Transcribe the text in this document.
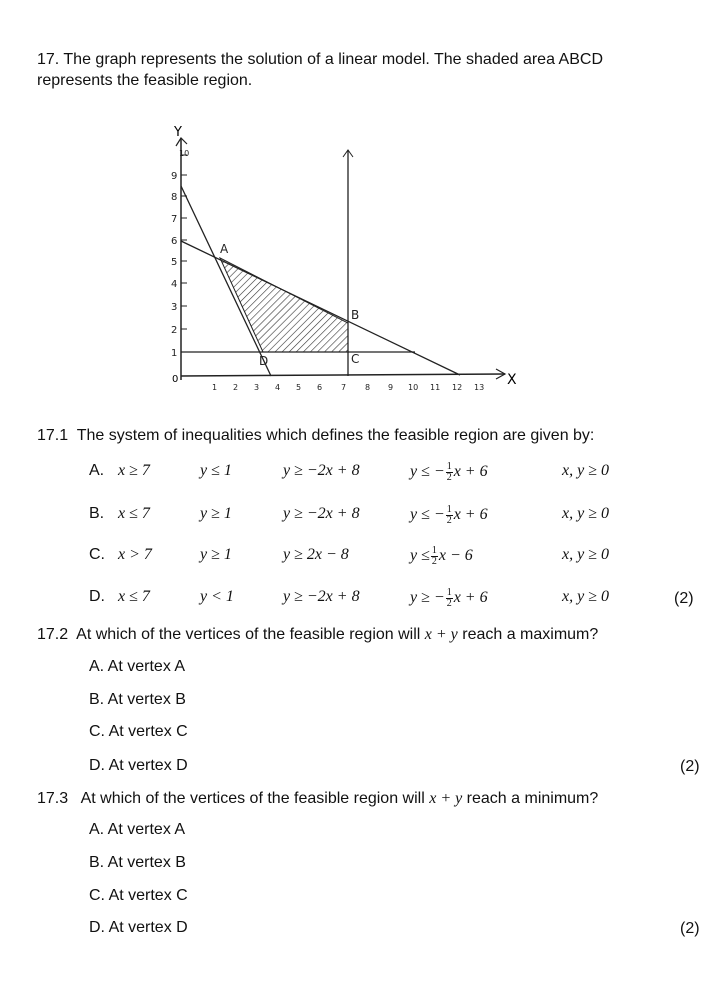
17. The graph represents the solution of a linear model. The shaded area ABCD
represents the feasible region.
Y
X
0
1
2
3
4
5
6
7
8
9
10
1 2 3 4 5 6 7 8 9 10 11 12 13
A
B
C
D
17.1 The system of inequalities which defines the feasible region are given by:
A. x ≥ 7	y ≤ 1	y ≥ −2x + 8	y ≤ − $\frac{1}{2}$ x + 6	x, y ≥ 0
B. x ≤ 7	y ≥ 1	y ≥ −2x + 8	y ≤ − $\frac{1}{2}$ x + 6	x, y ≥ 0
C. x > 7	y ≥ 1	y ≥ 2x − 8	$y \le \frac{1}{2}$ x − 6	x, y ≥ 0
D. x ≤ 7	y < 1	y ≥ −2x + 8	y ≥ − $\frac{1}{2}$ x + 6	x, y ≥ 0	(2)
17.2 At which of the vertices of the feasible region will x + y reach a maximum?
A. At vertex A
B. At vertex B
C. At vertex C
D. At vertex D	(2)
17.3 At which of the vertices of the feasible region will x + y reach a minimum?
A. At vertex A
B. At vertex B
C. At vertex C
D. At vertex D	(2)
